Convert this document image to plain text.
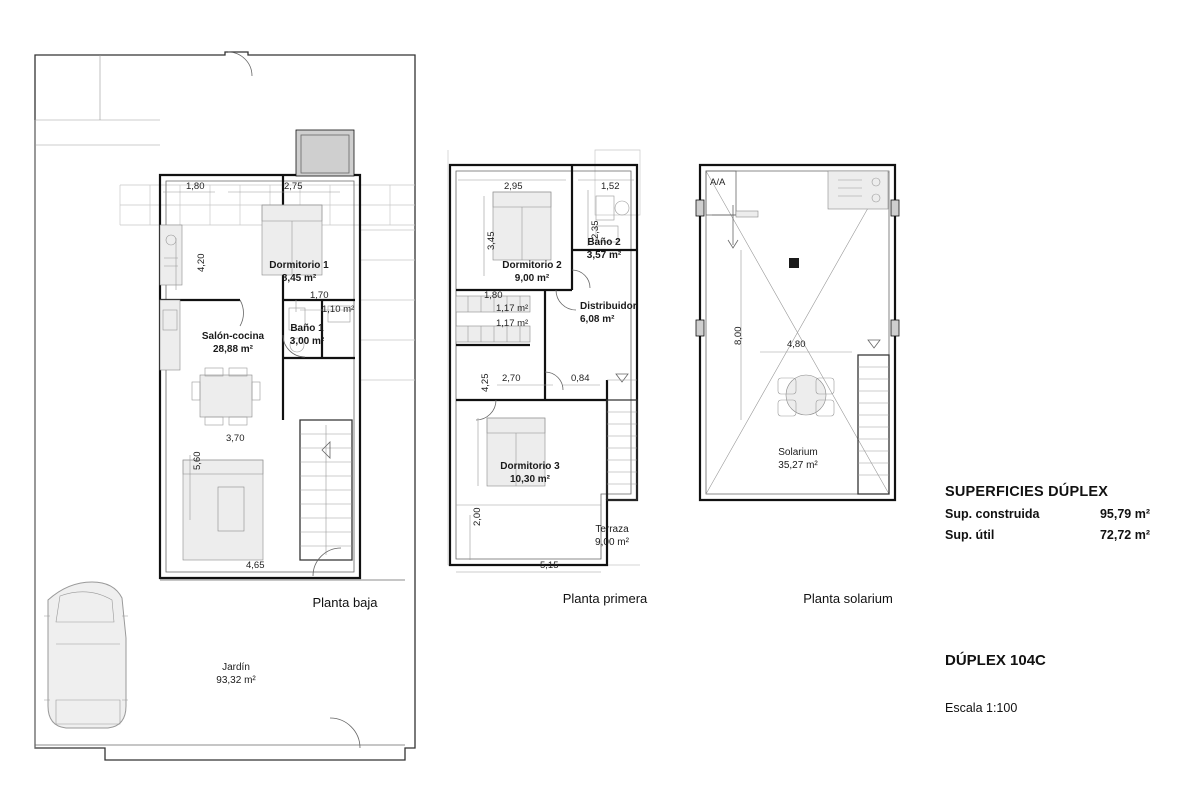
Dormitorio 1
8,45 m²
Baño 1
3,00 m²
Salón-cocina
28,88 m²
Jardín
93,32 m²
1,80	2,75
4,20
1,70
1,10 m²
3,70
5,60
4,65
Planta baja
Dormitorio 2
9,00 m²
Baño 2
3,57 m²
Distribuidor
6,08 m²
Dormitorio 3
10,30 m²
Terraza
9,00 m²
2,95	1,52
3,45
2,35
1,80
1,17 m²
1,17 m²
2,70	0,84
4,25
2,00
5,15
Planta primera
Solarium
35,27 m²
A/A
8,00	4,80
Planta solarium
SUPERFICIES DÚPLEX
Sup. construida	95,79 m²
Sup. útil	72,72 m²
DÚPLEX 104C
Escala 1:100
